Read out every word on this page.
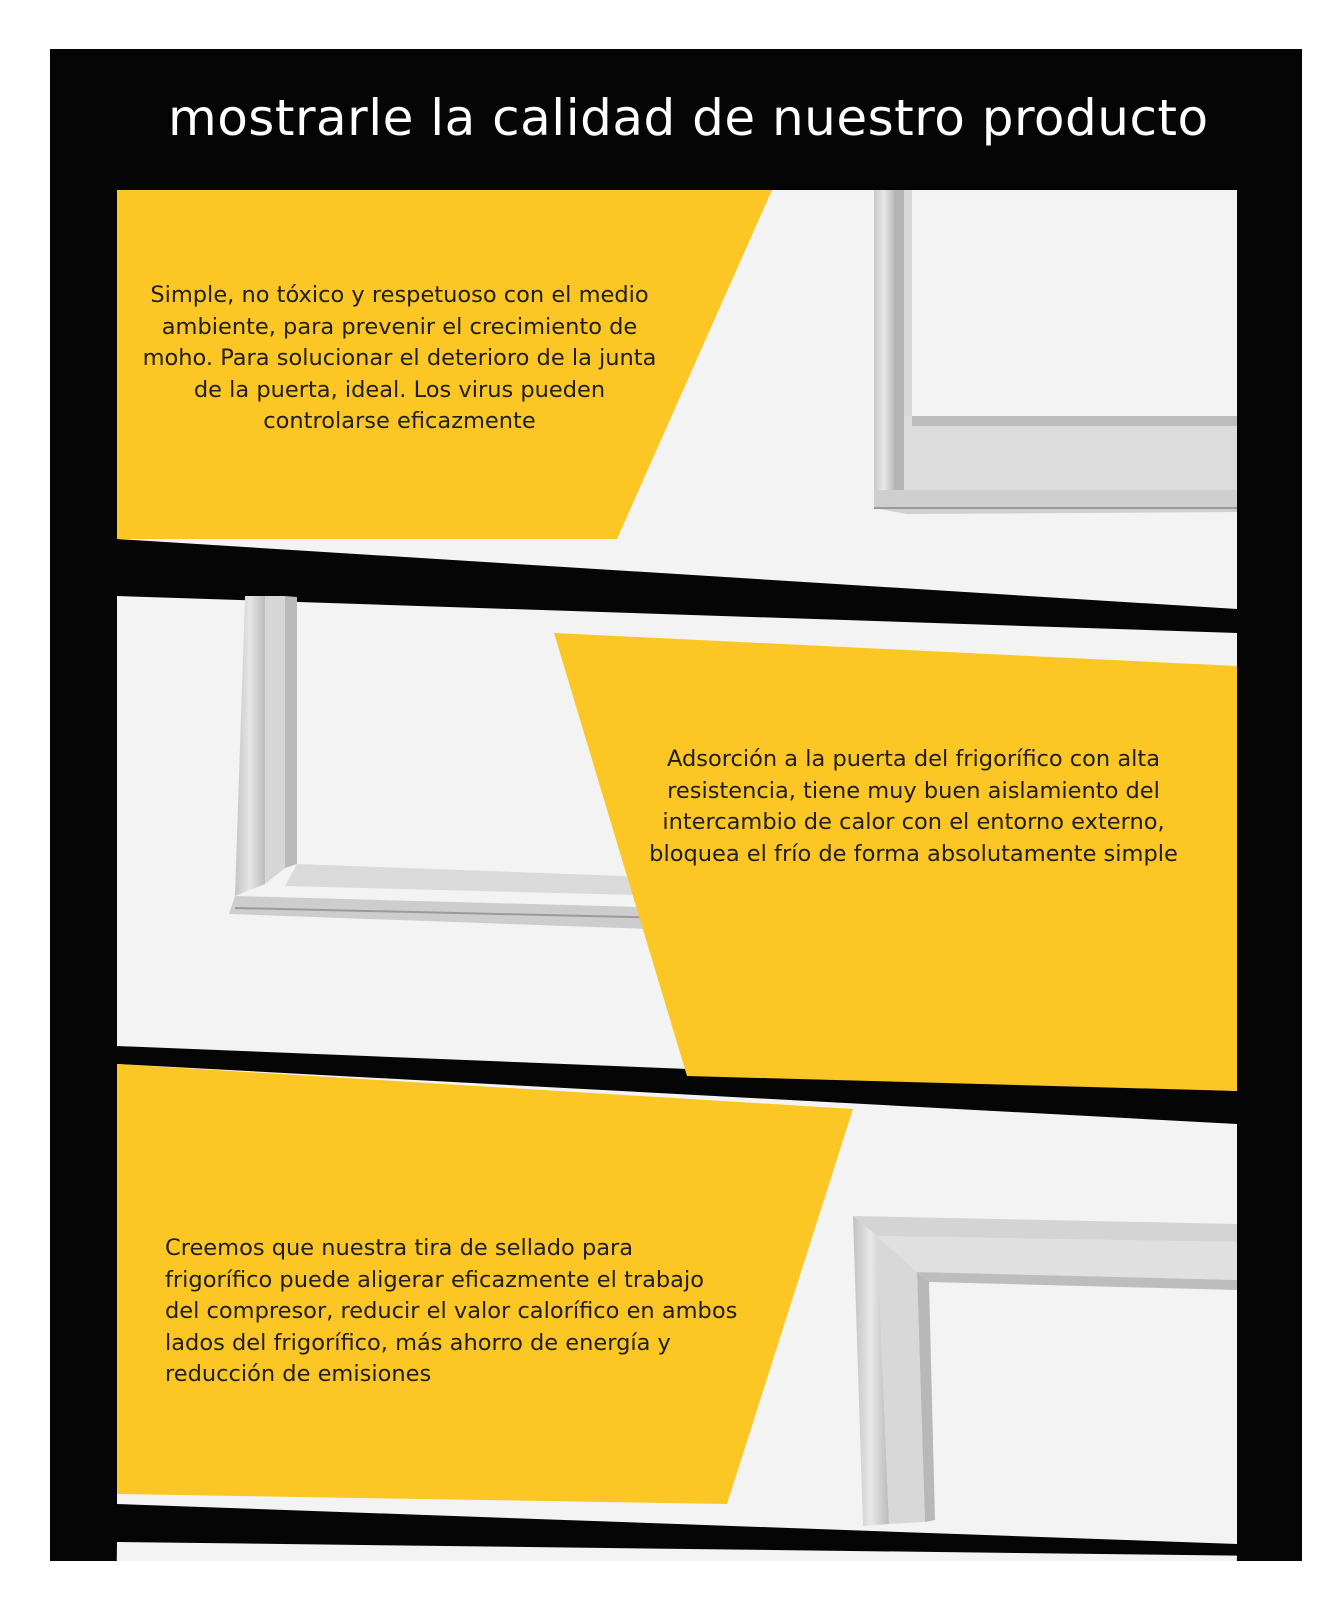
mostrarle la calidad de nuestro producto
Simple, no tóxico y respetuoso con el medio ambiente, para prevenir el crecimiento de moho. Para solucionar el deterioro de la junta de la puerta, ideal. Los virus pueden controlarse eficazmente
Adsorción a la puerta del frigorífico con alta resistencia, tiene muy buen aislamiento del intercambio de calor con el entorno externo, bloquea el frío de forma absolutamente simple
Creemos que nuestra tira de sellado para frigorífico puede aligerar eficazmente el trabajo del compresor, reducir el valor calorífico en ambos lados del frigorífico, más ahorro de energía y reducción de emisiones
